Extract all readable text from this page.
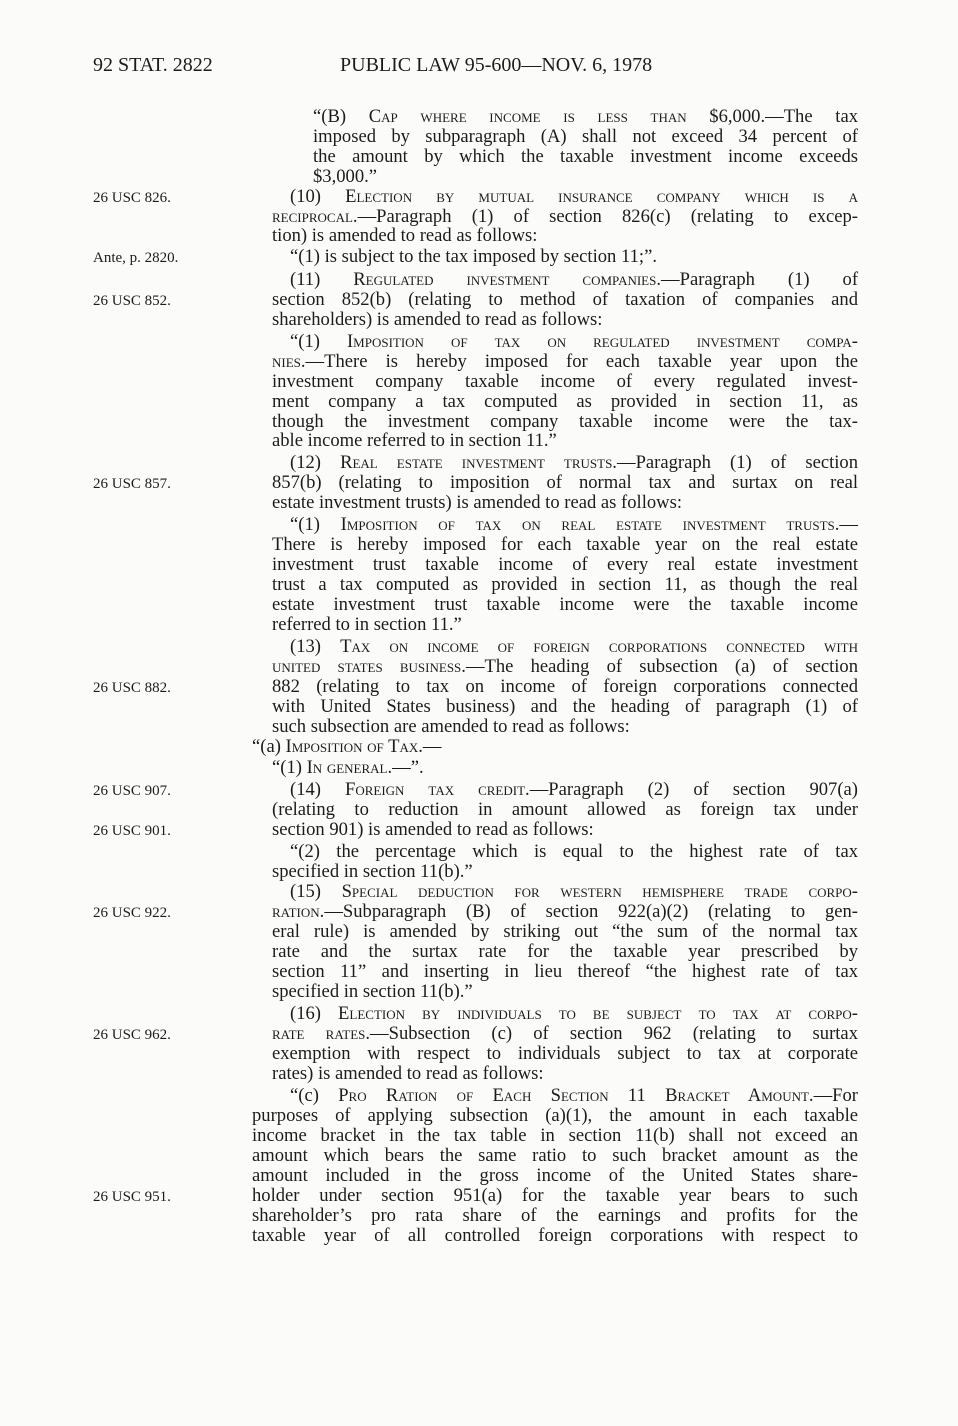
92 STAT. 2822	PUBLIC LAW 95-600—NOV. 6, 1978
“(B) Cap where income is less than $6,000.—The tax
imposed by subparagraph (A) shall not exceed 34 percent of
the amount by which the taxable investment income exceeds
$3,000.”
(10) Election by mutual insurance company which is a
reciprocal.—Paragraph (1) of section 826(c) (relating to excep-
tion) is amended to read as follows:
“(1) is subject to the tax imposed by section 11;”.
(11) Regulated investment companies.—Paragraph (1) of
section 852(b) (relating to method of taxation of companies and
shareholders) is amended to read as follows:
“(1) Imposition of tax on regulated investment compa-
nies.—There is hereby imposed for each taxable year upon the
investment company taxable income of every regulated invest-
ment company a tax computed as provided in section 11, as
though the investment company taxable income were the tax-
able income referred to in section 11.”
(12) Real estate investment trusts.—Paragraph (1) of section
857(b) (relating to imposition of normal tax and surtax on real
estate investment trusts) is amended to read as follows:
“(1) Imposition of tax on real estate investment trusts.—
There is hereby imposed for each taxable year on the real estate
investment trust taxable income of every real estate investment
trust a tax computed as provided in section 11, as though the real
estate investment trust taxable income were the taxable income
referred to in section 11.”
(13) Tax on income of foreign corporations connected with
united states business.—The heading of subsection (a) of section
882 (relating to tax on income of foreign corporations connected
with United States business) and the heading of paragraph (1) of
such subsection are amended to read as follows:
“(a) Imposition of Tax.—
“(1) In general.—”.
(14) Foreign tax credit.—Paragraph (2) of section 907(a)
(relating to reduction in amount allowed as foreign tax under
section 901) is amended to read as follows:
“(2) the percentage which is equal to the highest rate of tax
specified in section 11(b).”
(15) Special deduction for western hemisphere trade corpo-
ration.—Subparagraph (B) of section 922(a)(2) (relating to gen-
eral rule) is amended by striking out “the sum of the normal tax
rate and the surtax rate for the taxable year prescribed by
section 11” and inserting in lieu thereof “the highest rate of tax
specified in section 11(b).”
(16) Election by individuals to be subject to tax at corpo-
rate rates.—Subsection (c) of section 962 (relating to surtax
exemption with respect to individuals subject to tax at corporate
rates) is amended to read as follows:
“(c) Pro Ration of Each Section 11 Bracket Amount.—For
purposes of applying subsection (a)(1), the amount in each taxable
income bracket in the tax table in section 11(b) shall not exceed an
amount which bears the same ratio to such bracket amount as the
amount included in the gross income of the United States share-
holder under section 951(a) for the taxable year bears to such
shareholder’s pro rata share of the earnings and profits for the
taxable year of all controlled foreign corporations with respect to
26 USC 826.
Ante, p. 2820.
26 USC 852.
26 USC 857.
26 USC 882.
26 USC 907.
26 USC 901.
26 USC 922.
26 USC 962.
26 USC 951.
